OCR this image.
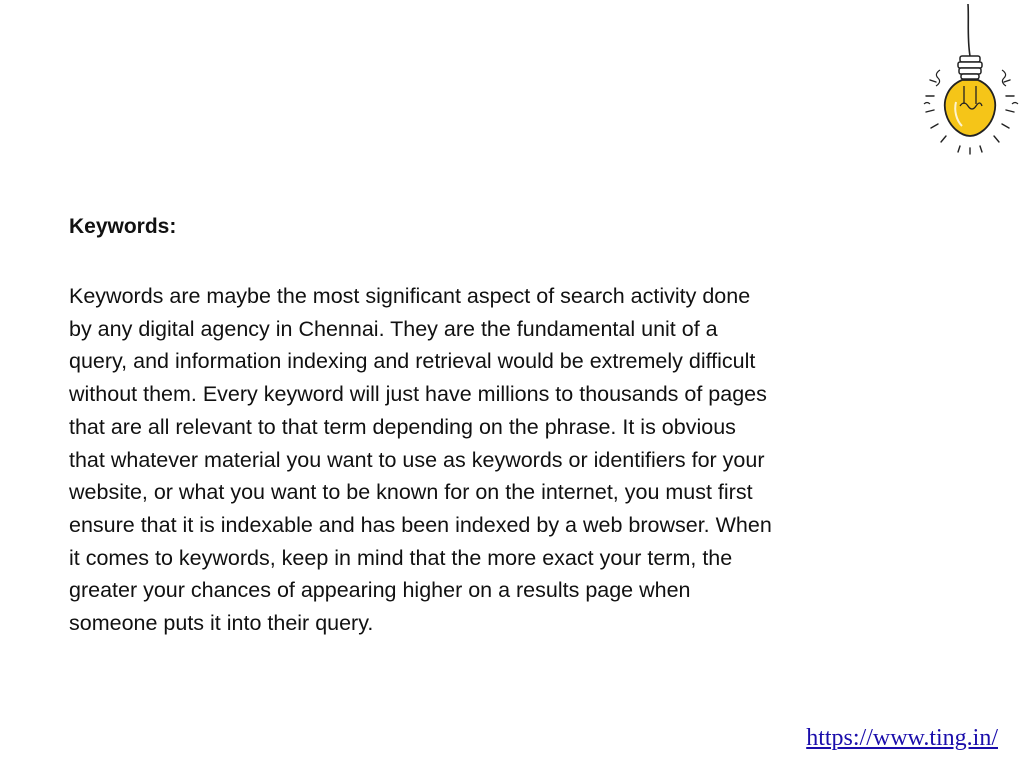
Keywords:

Keywords are maybe the most significant aspect of search activity done
by any digital agency in Chennai. They are the fundamental unit of a
query, and information indexing and retrieval would be extremely difficult
without them. Every keyword will just have millions to thousands of pages
that are all relevant to that term depending on the phrase. It is obvious
that whatever material you want to use as keywords or identifiers for your
website, or what you want to be known for on the internet, you must first
ensure that it is indexable and has been indexed by a web browser. When
it comes to keywords, keep in mind that the more exact your term, the
greater your chances of appearing higher on a results page when
someone puts it into their query.

https://www.ting.in/
